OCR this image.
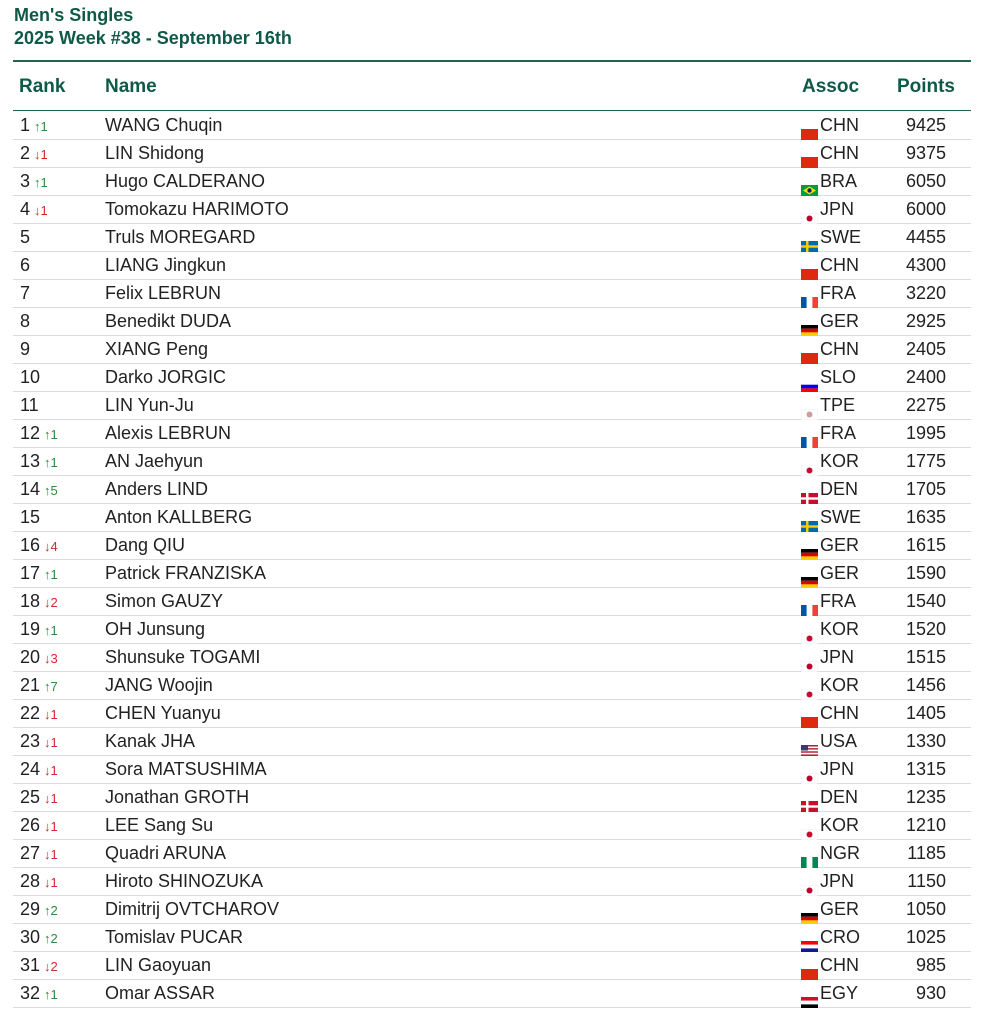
Men's Singles
2025 Week #38 - September 16th
Rank Name	Assoc Points
1 ↑1	WANG Chuqin	CHN	9425
2 ↓1	LIN Shidong	CHN	9375
3 ↑1	Hugo CALDERANO	BRA	6050
4 ↓1	Tomokazu HARIMOTO	JPN	6000
5	Truls MOREGARD	SWE 4455
6	LIANG Jingkun	CHN	4300
7	Felix LEBRUN	FRA	3220
8	Benedikt DUDA	GER	2925
9	XIANG Peng	CHN	2405
10	Darko JORGIC	SLO	2400
11	LIN Yun-Ju	TPE	2275
12 ↑1	Alexis LEBRUN	FRA	1995
13 ↑1	AN Jaehyun	KOR	1775
14 ↑5	Anders LIND	DEN	1705
15	Anton KALLBERG	SWE 1635
16 ↓4	Dang QIU	GER	1615
17 ↑1	Patrick FRANZISKA	GER	1590
18 ↓2	Simon GAUZY	FRA	1540
19 ↑1	OH Junsung	KOR	1520
20 ↓3	Shunsuke TOGAMI	JPN	1515
21 ↑7	JANG Woojin	KOR	1456
22 ↓1	CHEN Yuanyu	CHN	1405
23 ↓1	Kanak JHA	USA	1330
24 ↓1	Sora MATSUSHIMA	JPN	1315
25 ↓1	Jonathan GROTH	DEN	1235
26 ↓1	LEE Sang Su	KOR	1210
27 ↓1	Quadri ARUNA	NGR	1185
28 ↓1	Hiroto SHINOZUKA	JPN	1150
29 ↑2	Dimitrij OVTCHAROV	GER	1050
30 ↑2	Tomislav PUCAR	CRO	1025
31 ↓2	LIN Gaoyuan	CHN	985
32 ↑1	Omar ASSAR	EGY	930
